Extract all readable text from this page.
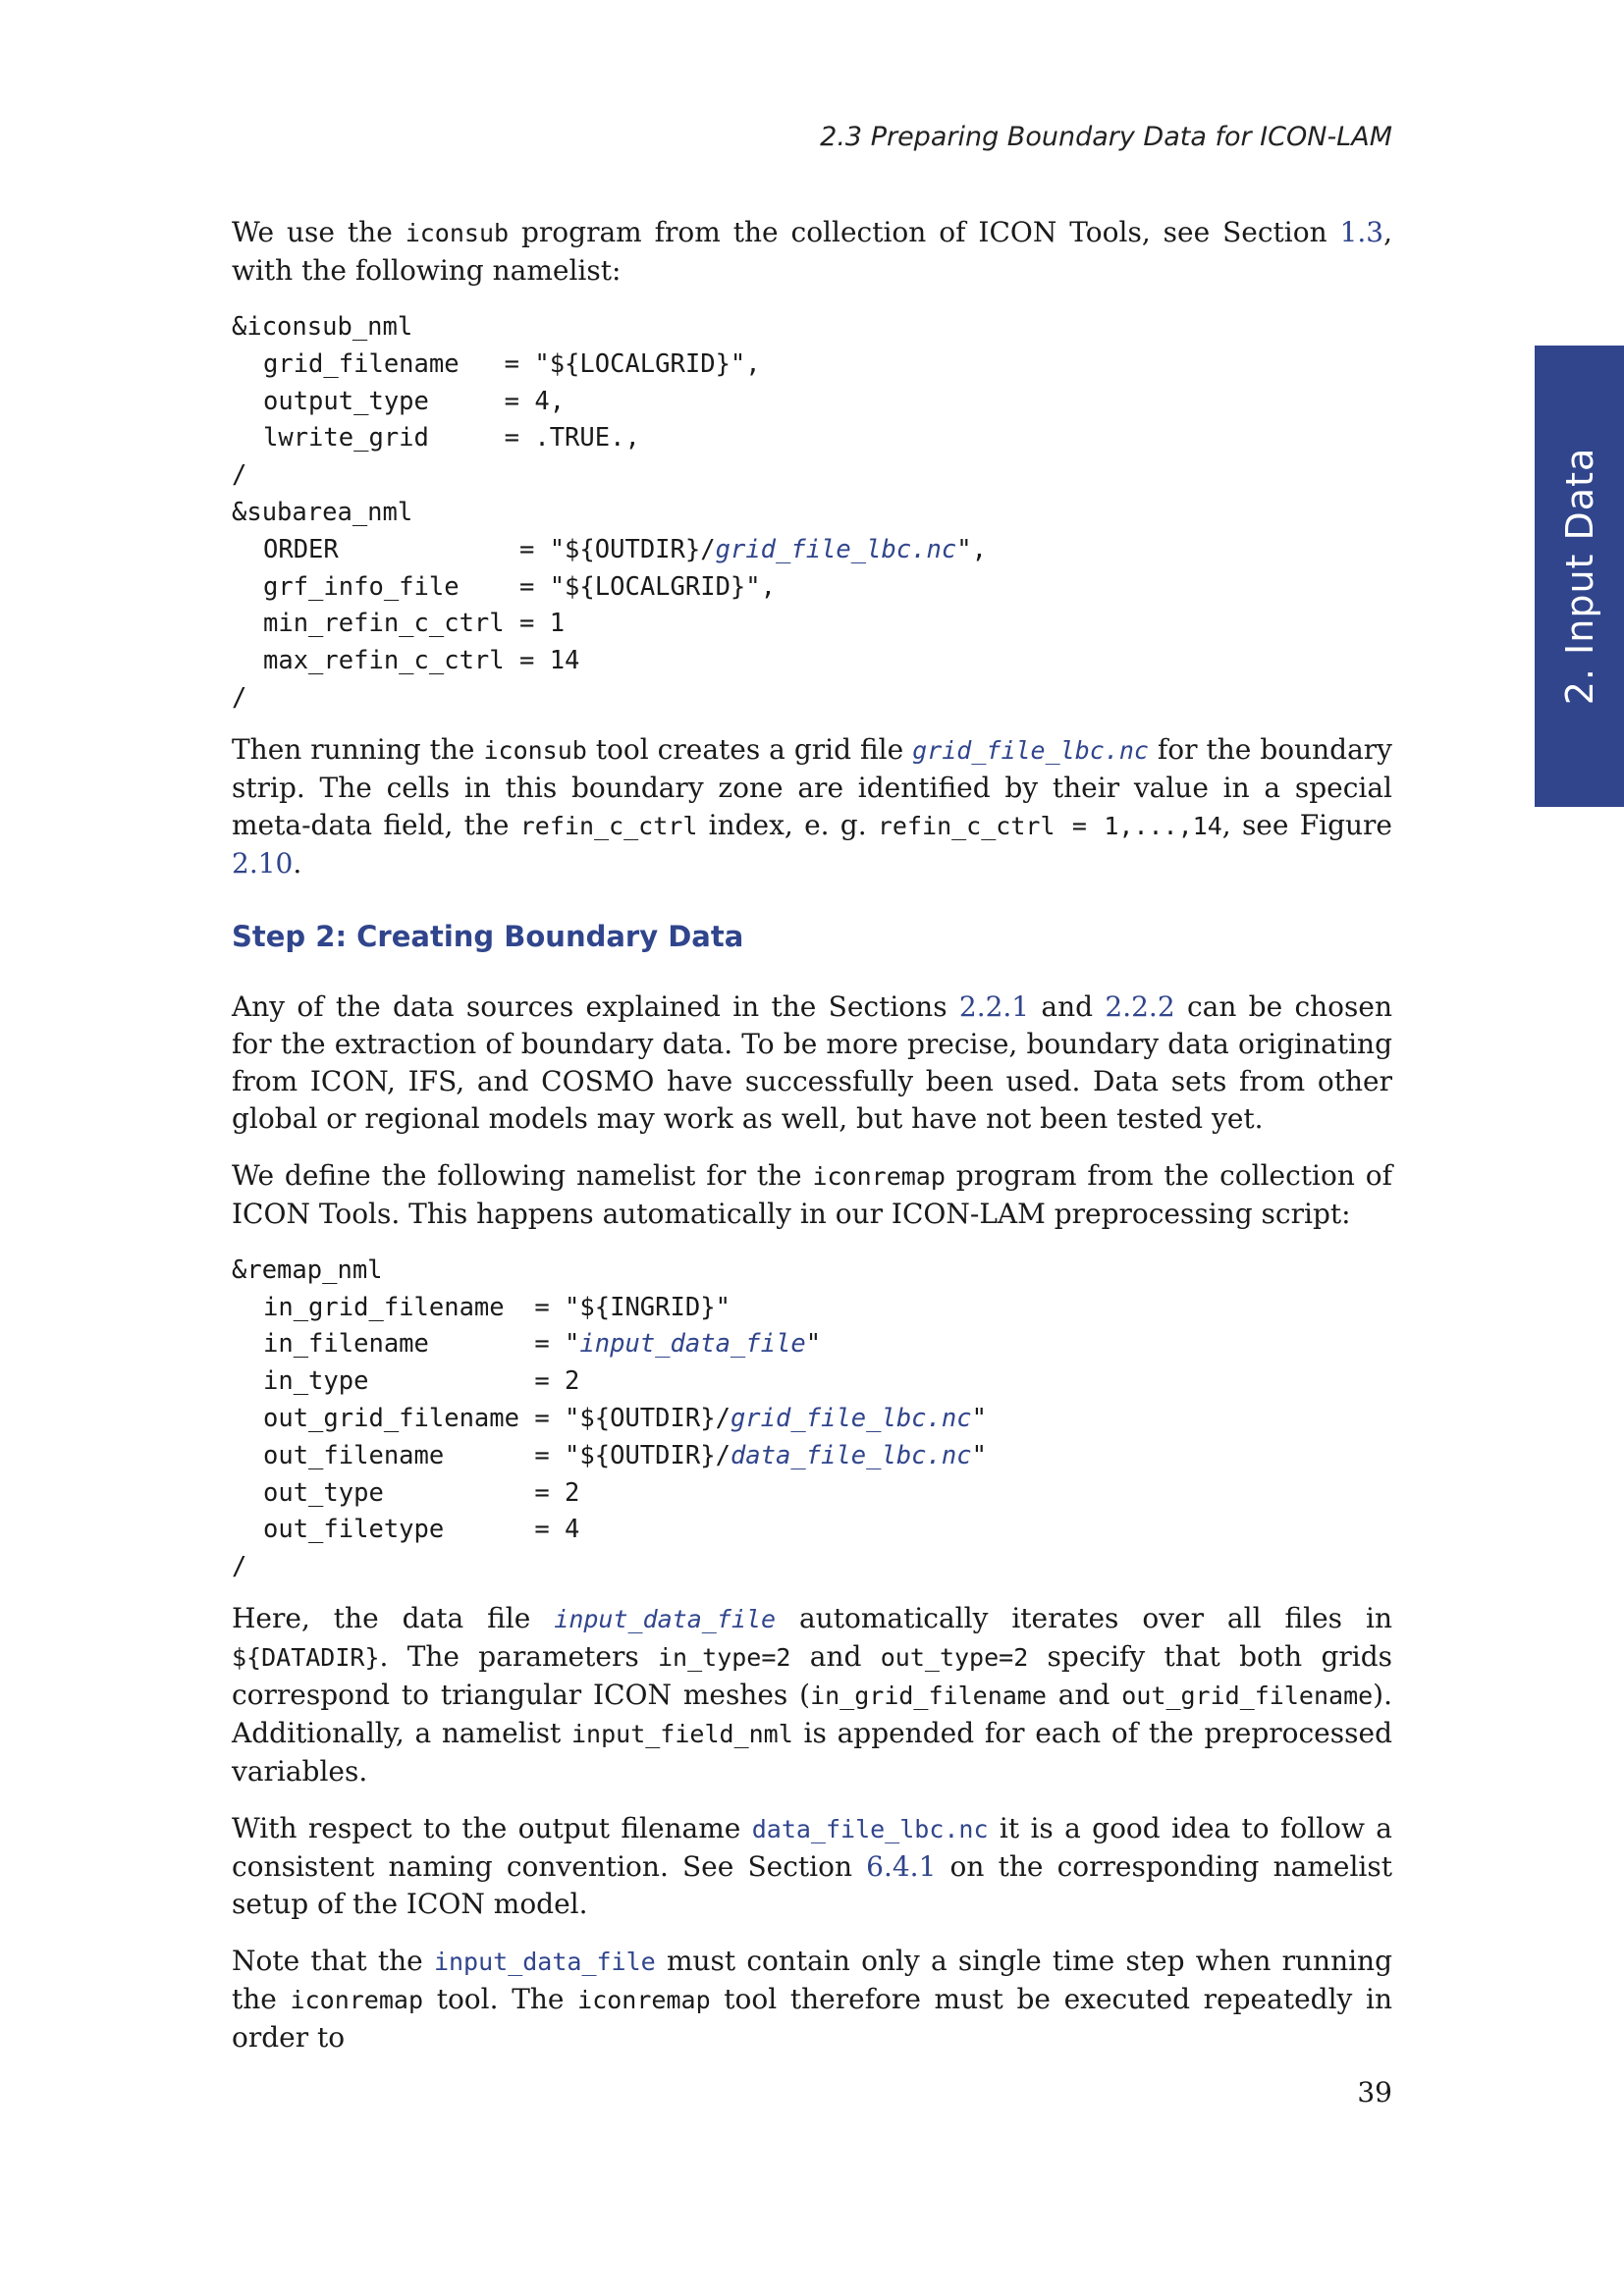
2.3 Preparing Boundary Data for ICON-LAM
2. Input Data

We use the iconsub program from the collection of ICON Tools, see Section 1.3, with the following namelist:

&iconsub_nml
grid_filename   = "${LOCALGRID}",
output_type     = 4,
lwrite_grid     = .TRUE.,
/
&subarea_nml
ORDER            = "${OUTDIR}/grid_file_lbc.nc",
grf_info_file    = "${LOCALGRID}",
min_refin_c_ctrl = 1
max_refin_c_ctrl = 14
/

Then running the iconsub tool creates a grid file grid_file_lbc.nc for the boundary strip. The cells in this boundary zone are identified by their value in a special meta-data field, the refin_c_ctrl index, e. g. refin_c_ctrl = 1,...,14, see Figure 2.10.

Step 2: Creating Boundary Data

Any of the data sources explained in the Sections 2.2.1 and 2.2.2 can be chosen for the extraction of boundary data. To be more precise, boundary data originating from ICON, IFS, and COSMO have successfully been used. Data sets from other global or regional models may work as well, but have not been tested yet.

We define the following namelist for the iconremap program from the collection of ICON Tools. This happens automatically in our ICON-LAM preprocessing script:

&remap_nml
in_grid_filename  = "${INGRID}"
in_filename       = "input_data_file"
in_type           = 2
out_grid_filename = "${OUTDIR}/grid_file_lbc.nc"
out_filename      = "${OUTDIR}/data_file_lbc.nc"
out_type          = 2
out_filetype      = 4
/

Here, the data file input_data_file automatically iterates over all files in ${DATADIR}. The parameters in_type=2 and out_type=2 specify that both grids correspond to triangular ICON meshes (in_grid_filename and out_grid_filename). Additionally, a namelist input_field_nml is appended for each of the preprocessed variables.

With respect to the output filename data_file_lbc.nc it is a good idea to follow a consistent naming convention. See Section 6.4.1 on the corresponding namelist setup of the ICON model.

Note that the input_data_file must contain only a single time step when running the iconremap tool. The iconremap tool therefore must be executed repeatedly in order to

39
